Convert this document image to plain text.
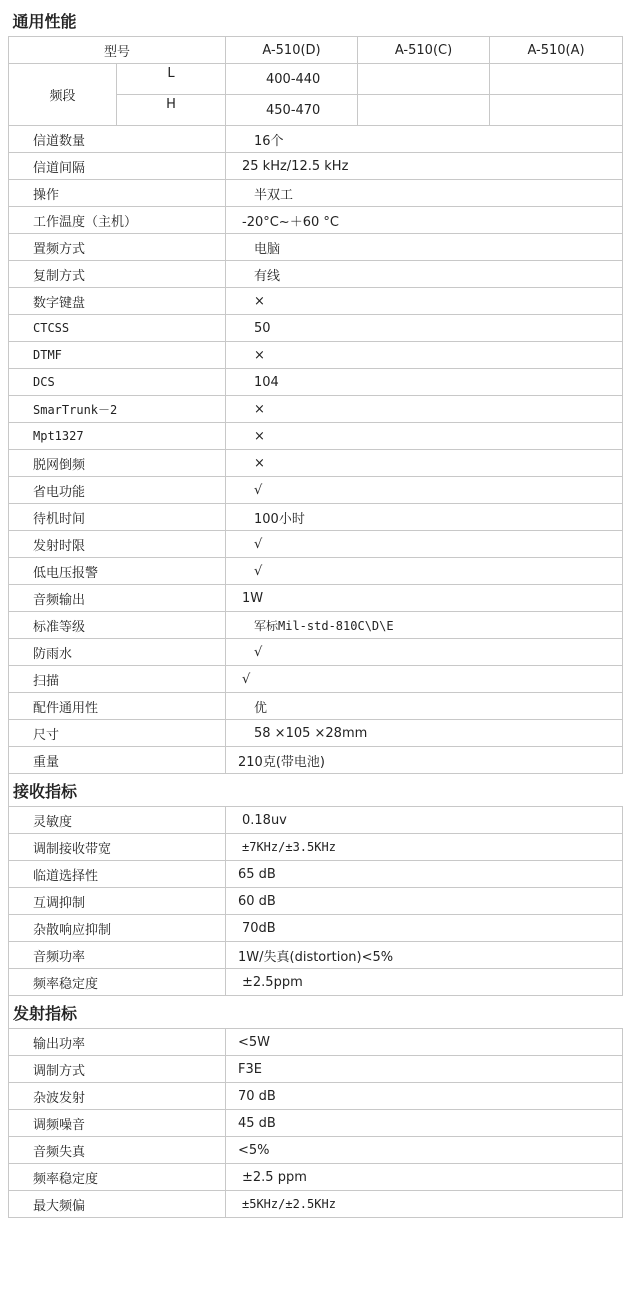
通用性能				
型号		A-510(D)	A-510(C)	A-510(A)
频段	L	400-440		
	H	450-470		
信道数量		16个		
信道间隔		25 kHz/12.5 kHz		
操作		半双工		
工作温度（主机）		-20°C~＋60 °C		
置频方式		电脑		
复制方式		有线		
数字键盘		×		
CTCSS		50		
DTMF		×		
DCS		104		
SmarTrunk－2		×		
Mpt1327		×		
脱网倒频		×		
省电功能		√		
待机时间		100小时		
发射时限		√		
低电压报警		√		
音频输出		1W		
标准等级		军标Mil-std-810C\D\E		
防雨水		√		
扫描		√		
配件通用性		优		
尺寸		58 ×105 ×28mm		
重量		210克(带电池)		
接收指标				
灵敏度		0.18uv		
调制接收带宽		±7KHz/±3.5KHz		
临道选择性		65 dB		
互调抑制		60 dB		
杂散响应抑制		70dB		
音频功率		1W/失真(distortion)<5%		
频率稳定度		±2.5ppm		
发射指标				
输出功率		<5W		
调制方式		F3E		
杂波发射		70 dB		
调频噪音		45 dB		
音频失真		<5%		
频率稳定度		±2.5 ppm		
最大频偏		±5KHz/±2.5KHz		
